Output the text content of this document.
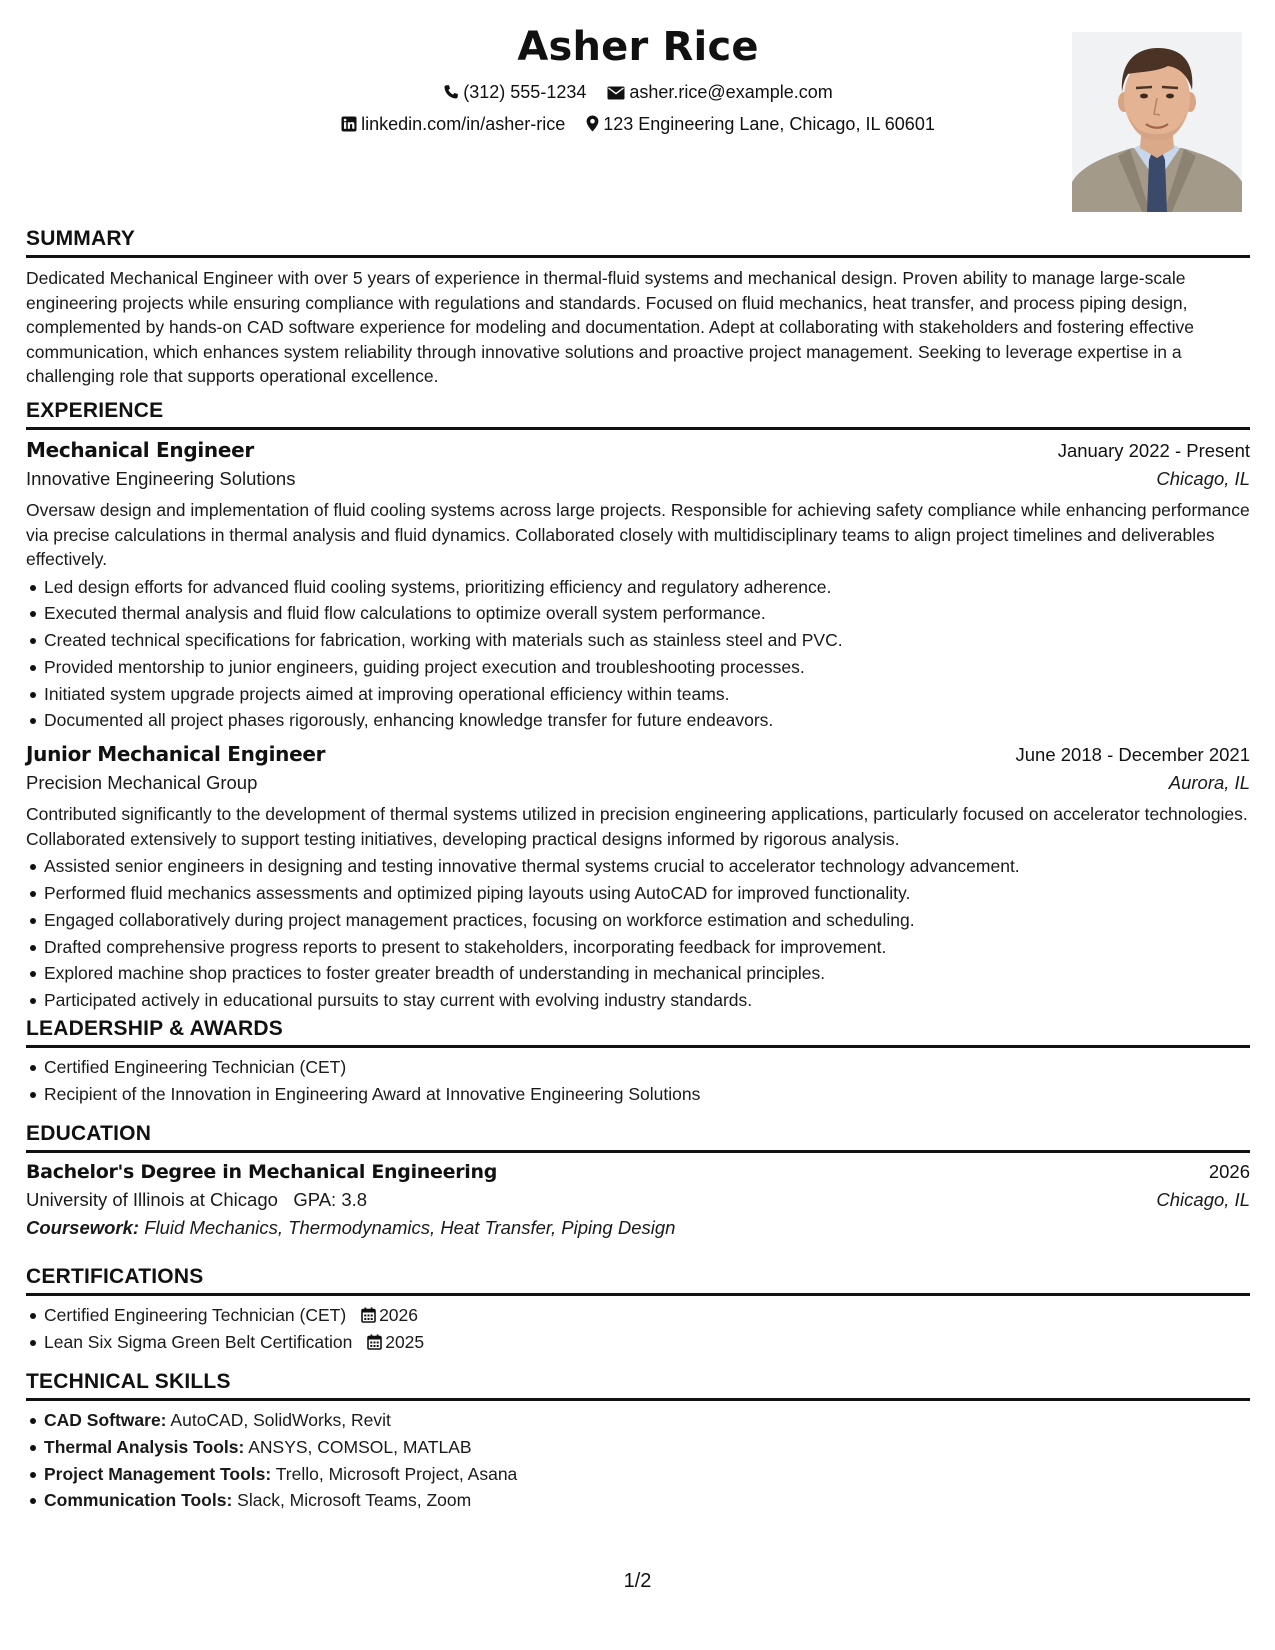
Asher Rice
(312) 555-1234 asher.rice@example.com
linkedin.com/in/asher-rice 123 Engineering Lane, Chicago, IL 60601
SUMMARY
Dedicated Mechanical Engineer with over 5 years of experience in thermal-fluid systems and mechanical design. Proven ability to manage large-scale engineering projects while ensuring compliance with regulations and standards. Focused on fluid mechanics, heat transfer, and process piping design, complemented by hands-on CAD software experience for modeling and documentation. Adept at collaborating with stakeholders and fostering effective communication, which enhances system reliability through innovative solutions and proactive project management. Seeking to leverage expertise in a challenging role that supports operational excellence.
EXPERIENCE
Mechanical Engineer	January 2022 - Present
Innovative Engineering Solutions	Chicago, IL
Oversaw design and implementation of fluid cooling systems across large projects. Responsible for achieving safety compliance while enhancing performance via precise calculations in thermal analysis and fluid dynamics. Collaborated closely with multidisciplinary teams to align project timelines and deliverables effectively.
Led design efforts for advanced fluid cooling systems, prioritizing efficiency and regulatory adherence.
Executed thermal analysis and fluid flow calculations to optimize overall system performance.
Created technical specifications for fabrication, working with materials such as stainless steel and PVC.
Provided mentorship to junior engineers, guiding project execution and troubleshooting processes.
Initiated system upgrade projects aimed at improving operational efficiency within teams.
Documented all project phases rigorously, enhancing knowledge transfer for future endeavors.
Junior Mechanical Engineer	June 2018 - December 2021
Precision Mechanical Group	Aurora, IL
Contributed significantly to the development of thermal systems utilized in precision engineering applications, particularly focused on accelerator technologies. Collaborated extensively to support testing initiatives, developing practical designs informed by rigorous analysis.
Assisted senior engineers in designing and testing innovative thermal systems crucial to accelerator technology advancement.
Performed fluid mechanics assessments and optimized piping layouts using AutoCAD for improved functionality.
Engaged collaboratively during project management practices, focusing on workforce estimation and scheduling.
Drafted comprehensive progress reports to present to stakeholders, incorporating feedback for improvement.
Explored machine shop practices to foster greater breadth of understanding in mechanical principles.
Participated actively in educational pursuits to stay current with evolving industry standards.
LEADERSHIP & AWARDS
Certified Engineering Technician (CET)
Recipient of the Innovation in Engineering Award at Innovative Engineering Solutions
EDUCATION
Bachelor's Degree in Mechanical Engineering	2026
University of Illinois at Chicago GPA: 3.8	Chicago, IL
Coursework: Fluid Mechanics, Thermodynamics, Heat Transfer, Piping Design
CERTIFICATIONS
Certified Engineering Technician (CET) 2026
Lean Six Sigma Green Belt Certification 2025
TECHNICAL SKILLS
CAD Software: AutoCAD, SolidWorks, Revit
Thermal Analysis Tools: ANSYS, COMSOL, MATLAB
Project Management Tools: Trello, Microsoft Project, Asana
Communication Tools: Slack, Microsoft Teams, Zoom
1/2
